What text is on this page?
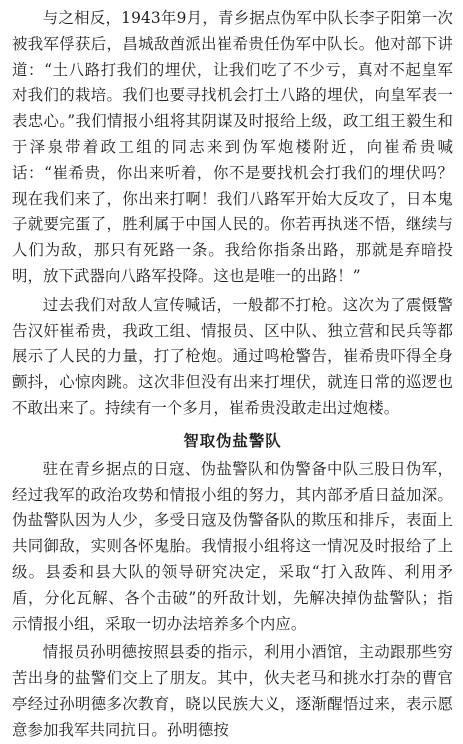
与之相反，1943年9月，青乡据点伪军中队长李子阳第一次被我军俘获后，昌城敌酋派出崔希贵任伪军中队长。他对部下讲道：“土八路打我们的埋伏，让我们吃了不少亏，真对不起皇军对我们的栽培。我们也要寻找机会打土八路的埋伏，向皇军表一表忠心。”我们情报小组将其阴谋及时报给上级，政工组王毅生和于泽泉带着政工组的同志来到伪军炮楼附近，向崔希贵喊话：“崔希贵，你出来听着，你不是要找机会打我们的埋伏吗？现在我们来了，你出来打啊！我们八路军开始大反攻了，日本鬼子就要完蛋了，胜利属于中国人民的。你若再执迷不悟，继续与人们为敌，那只有死路一条。我给你指条出路，那就是弃暗投明，放下武器向八路军投降。这也是唯一的出路！”

过去我们对敌人宣传喊话，一般都不打枪。这次为了震慑警告汉奸崔希贵，我政工组、情报员、区中队、独立营和民兵等都展示了人民的力量，打了枪炮。通过鸣枪警告，崔希贵吓得全身颤抖，心惊肉跳。这次非但没有出来打埋伏，就连日常的巡逻也不敢出来了。持续有一个多月，崔希贵没敢走出过炮楼。

智取伪盐警队

驻在青乡据点的日寇、伪盐警队和伪警备中队三股日伪军，经过我军的政治攻势和情报小组的努力，其内部矛盾日益加深。伪盐警队因为人少，多受日寇及伪警备队的欺压和排斥，表面上共同御敌，实则各怀鬼胎。我情报小组将这一情况及时报给了上级。县委和县大队的领导研究决定，采取“打入敌阵、利用矛盾，分化瓦解、各个击破”的歼敌计划，先解决掉伪盐警队；指示情报小组，采取一切办法培养多个内应。

情报员孙明德按照县委的指示，利用小酒馆，主动跟那些穷苦出身的盐警们交上了朋友。其中，伙夫老马和挑水打杂的曹官亭经过孙明德多次教育，晓以民族大义，逐渐醒悟过来，表示愿意参加我军共同抗日。孙明德按
